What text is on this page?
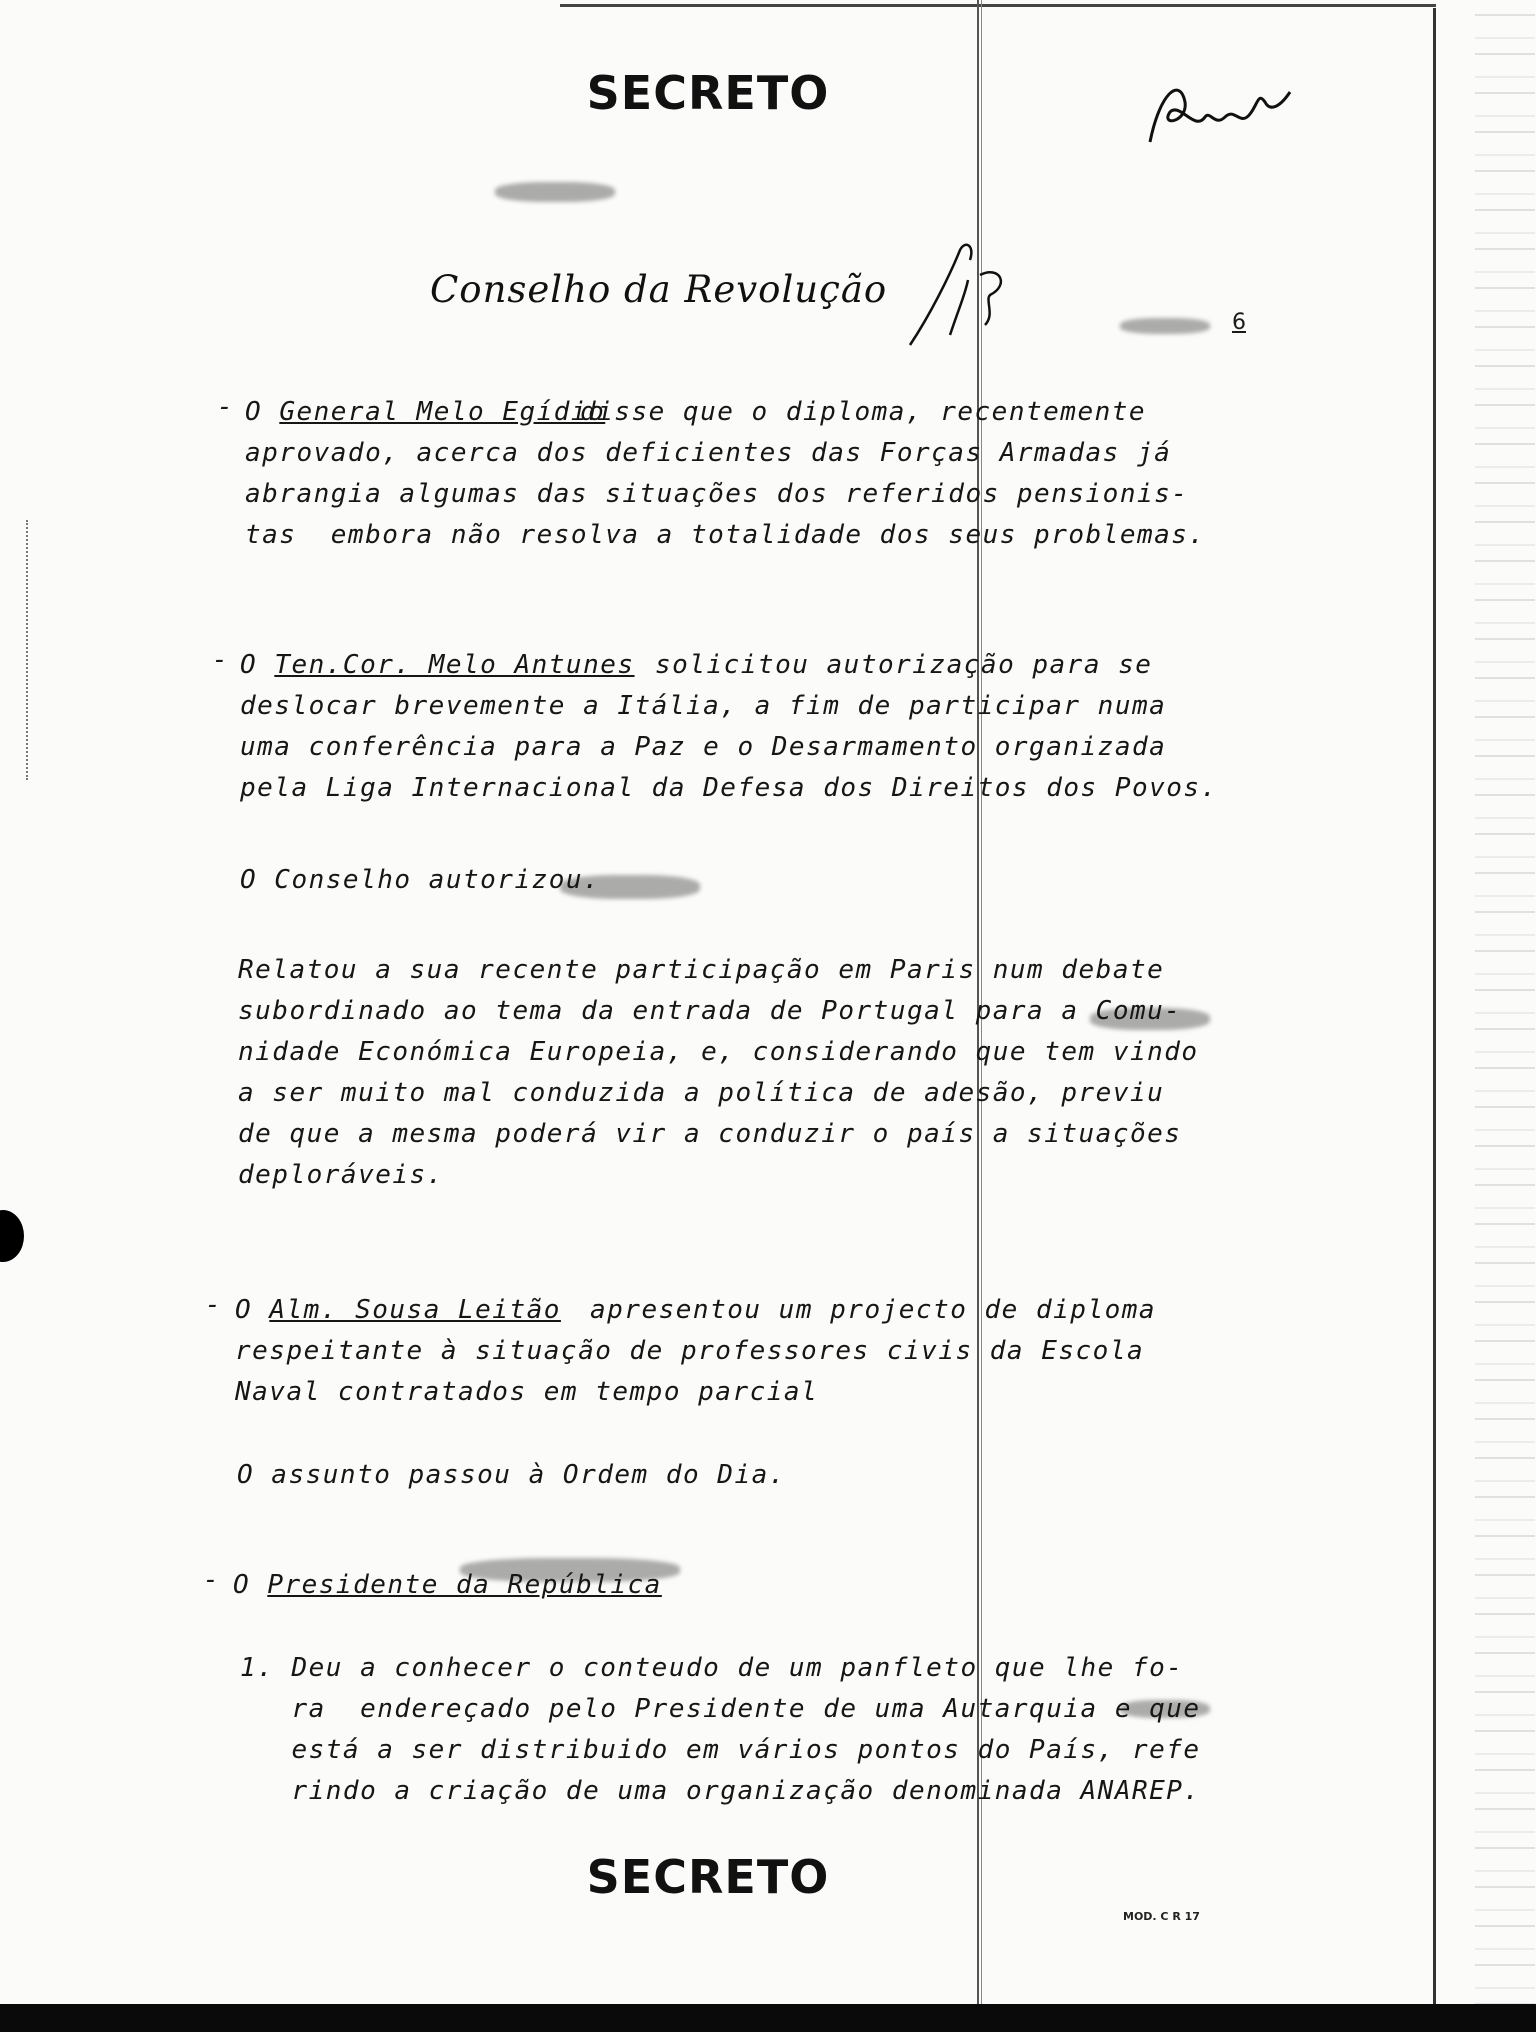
SECRETO
Conselho da Revolução
6
- O General Melo Egídio
disse que o diploma, recentemente
aprovado, acerca dos deficientes das Forças Armadas já
abrangia algumas das situações dos referidos pensionis-
tas  embora não resolva a totalidade dos seus problemas.
- O Ten.Cor. Melo Antunes solicitou autorização para se
deslocar brevemente a Itália, a fim de participar numa
uma conferência para a Paz e o Desarmamento organizada
pela Liga Internacional da Defesa dos Direitos dos Povos.
O Conselho autorizou.
Relatou a sua recente participação em Paris num debate
subordinado ao tema da entrada de Portugal para a Comu-
nidade Económica Europeia, e, considerando que tem vindo
a ser muito mal conduzida a política de adesão, previu
de que a mesma poderá vir a conduzir o país a situações
deploráveis.
- O Alm. Sousa Leitão apresentou um projecto de diploma
respeitante à situação de professores civis da Escola
Naval contratados em tempo parcial
O assunto passou à Ordem do Dia.
- O Presidente da República
1. Deu a conhecer o conteudo de um panfleto que lhe fo-
ra  endereçado pelo Presidente de uma Autarquia e que
está a ser distribuido em vários pontos do País, refe
rindo a criação de uma organização denominada ANAREP.
SECRETO
MOD. C R 17
